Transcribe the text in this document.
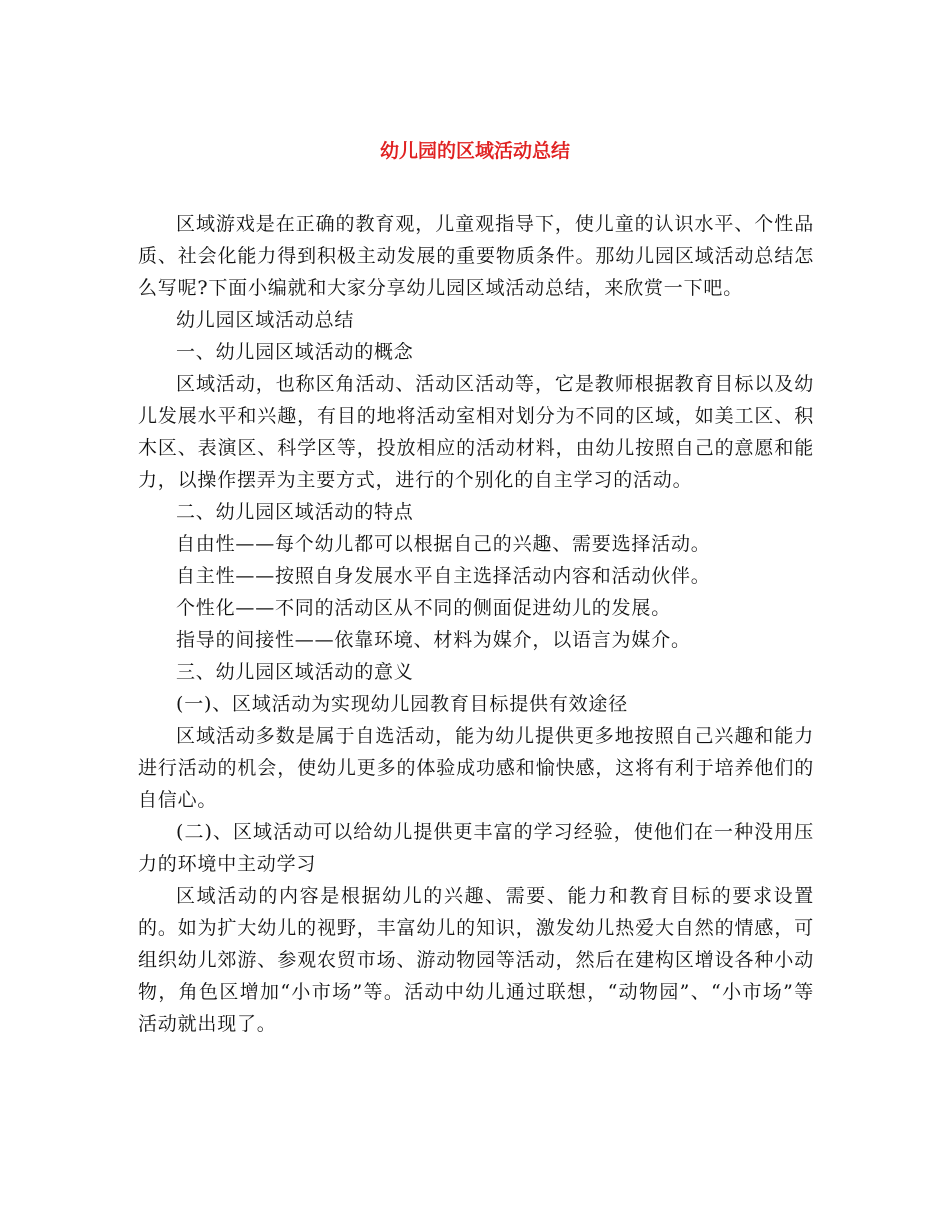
幼儿园的区域活动总结

区域游戏是在正确的教育观，儿童观指导下，使儿童的认识水平、个性品质、社会化能力得到积极主动发展的重要物质条件。那幼儿园区域活动总结怎么写呢?下面小编就和大家分享幼儿园区域活动总结，来欣赏一下吧。

幼儿园区域活动总结

一、幼儿园区域活动的概念

区域活动，也称区角活动、活动区活动等，它是教师根据教育目标以及幼儿发展水平和兴趣，有目的地将活动室相对划分为不同的区域，如美工区、积木区、表演区、科学区等，投放相应的活动材料，由幼儿按照自己的意愿和能力，以操作摆弄为主要方式，进行的个别化的自主学习的活动。

二、幼儿园区域活动的特点

自由性——每个幼儿都可以根据自己的兴趣、需要选择活动。

自主性——按照自身发展水平自主选择活动内容和活动伙伴。

个性化——不同的活动区从不同的侧面促进幼儿的发展。

指导的间接性——依靠环境、材料为媒介，以语言为媒介。

三、幼儿园区域活动的意义

(一)、区域活动为实现幼儿园教育目标提供有效途径

区域活动多数是属于自选活动，能为幼儿提供更多地按照自己兴趣和能力进行活动的机会，使幼儿更多的体验成功感和愉快感，这将有利于培养他们的自信心。

(二)、区域活动可以给幼儿提供更丰富的学习经验，使他们在一种没用压力的环境中主动学习

区域活动的内容是根据幼儿的兴趣、需要、能力和教育目标的要求设置的。如为扩大幼儿的视野，丰富幼儿的知识，激发幼儿热爱大自然的情感，可组织幼儿郊游、参观农贸市场、游动物园等活动，然后在建构区增设各种小动物，角色区增加“小市场”等。活动中幼儿通过联想，“动物园”、“小市场”等活动就出现了。
